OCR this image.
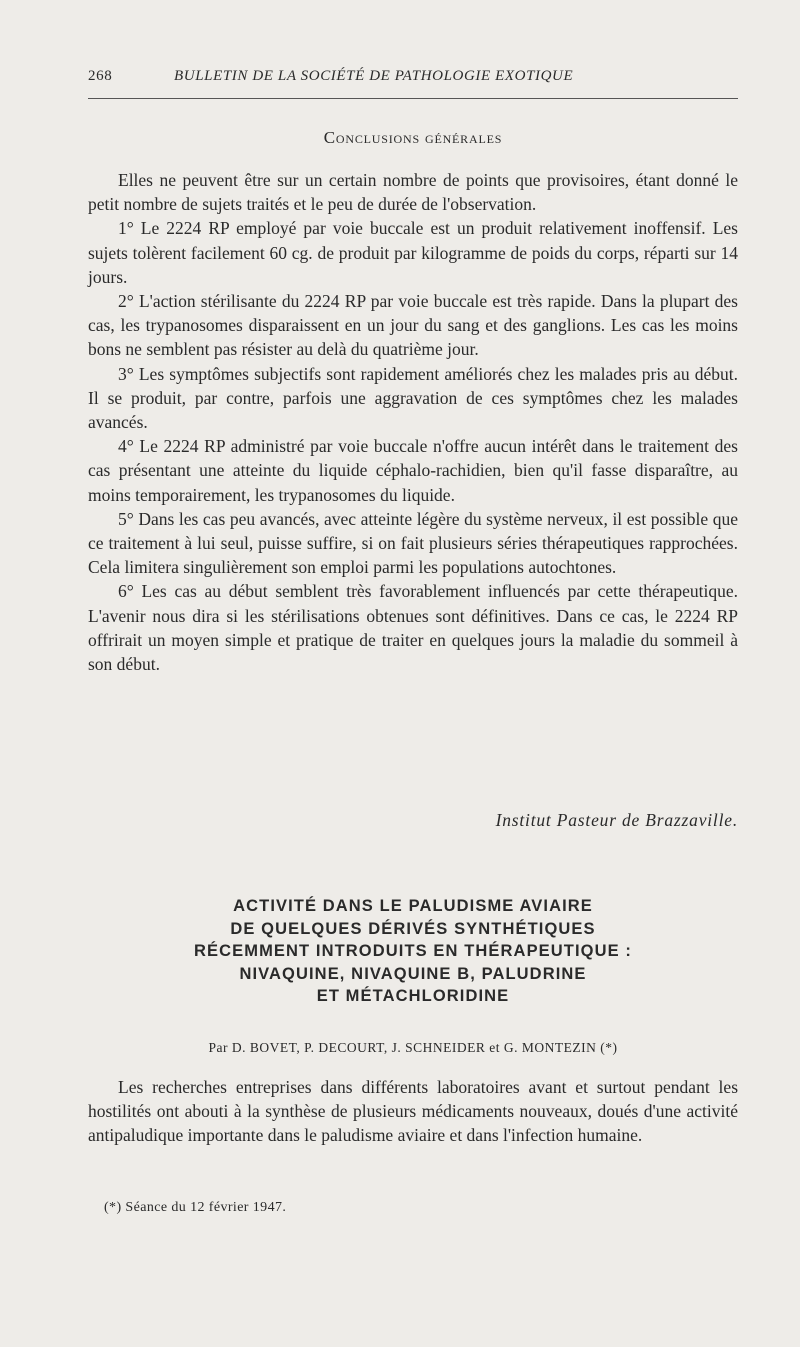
268	BULLETIN DE LA SOCIÉTÉ DE PATHOLOGIE EXOTIQUE
Conclusions générales

Elles ne peuvent être sur un certain nombre de points que provisoires, étant donné le petit nombre de sujets traités et le peu de durée de l'observation.

1° Le 2224 RP employé par voie buccale est un produit relativement inoffensif. Les sujets tolèrent facilement 60 cg. de produit par kilogramme de poids du corps, réparti sur 14 jours.

2° L'action stérilisante du 2224 RP par voie buccale est très rapide. Dans la plupart des cas, les trypanosomes disparaissent en un jour du sang et des ganglions. Les cas les moins bons ne semblent pas résister au delà du quatrième jour.

3° Les symptômes subjectifs sont rapidement améliorés chez les malades pris au début. Il se produit, par contre, parfois une aggravation de ces symptômes chez les malades avancés.

4° Le 2224 RP administré par voie buccale n'offre aucun intérêt dans le traitement des cas présentant une atteinte du liquide céphalo-rachidien, bien qu'il fasse disparaître, au moins temporairement, les trypanosomes du liquide.

5° Dans les cas peu avancés, avec atteinte légère du système nerveux, il est possible que ce traitement à lui seul, puisse suffire, si on fait plusieurs séries thérapeutiques rapprochées. Cela limitera singulièrement son emploi parmi les populations autochtones.

6° Les cas au début semblent très favorablement influencés par cette thérapeutique. L'avenir nous dira si les stérilisations obtenues sont définitives. Dans ce cas, le 2224 RP offrirait un moyen simple et pratique de traiter en quelques jours la maladie du sommeil à son début.

Institut Pasteur de Brazzaville.
ACTIVITÉ DANS LE PALUDISME AVIAIRE
DE QUELQUES DÉRIVÉS SYNTHÉTIQUES
RÉCEMMENT INTRODUITS EN THÉRAPEUTIQUE :
NIVAQUINE, NIVAQUINE B, PALUDRINE
ET MÉTACHLORIDINE
Par D. BOVET, P. DECOURT, J. SCHNEIDER et G. MONTEZIN (*)

Les recherches entreprises dans différents laboratoires avant et surtout pendant les hostilités ont abouti à la synthèse de plusieurs médicaments nouveaux, doués d'une activité antipaludique importante dans le paludisme aviaire et dans l'infection humaine.

(*) Séance du 12 février 1947.
